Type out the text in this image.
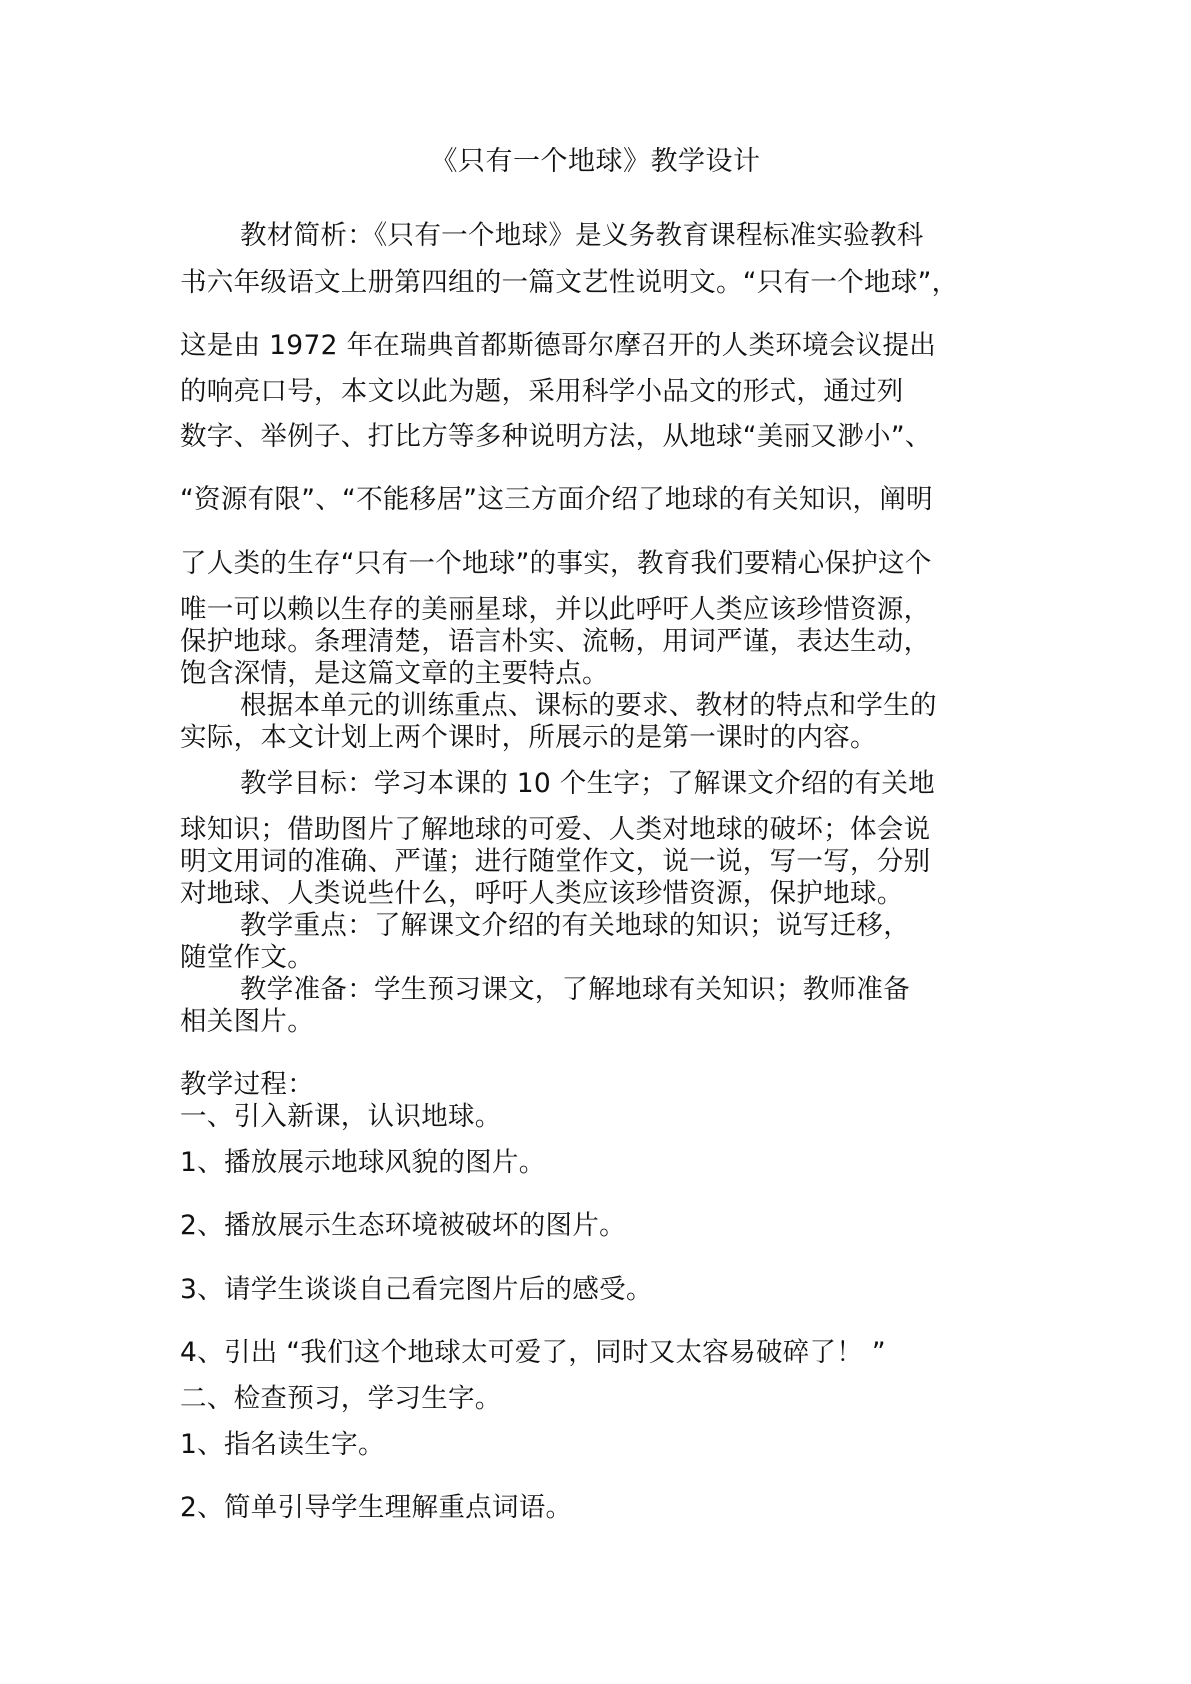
《只有一个地球》教学设计
教材简析：《只有一个地球》是义务教育课程标准实验教科
书六年级语文上册第四组的一篇文艺性说明文。“只有一个地球”，
这是由 1972 年在瑞典首都斯德哥尔摩召开的人类环境会议提出
的响亮口号，本文以此为题，采用科学小品文的形式，通过列
数字、举例子、打比方等多种说明方法，从地球“美丽又渺小”、
“资源有限”、“不能移居”这三方面介绍了地球的有关知识，阐明
了人类的生存“只有一个地球”的事实，教育我们要精心保护这个
唯一可以赖以生存的美丽星球，并以此呼吁人类应该珍惜资源，
保护地球。条理清楚，语言朴实、流畅，用词严谨，表达生动，
饱含深情，是这篇文章的主要特点。
根据本单元的训练重点、课标的要求、教材的特点和学生的
实际，本文计划上两个课时，所展示的是第一课时的内容。
教学目标：学习本课的 10 个生字；了解课文介绍的有关地
球知识；借助图片了解地球的可爱、人类对地球的破坏；体会说
明文用词的准确、严谨；进行随堂作文，说一说，写一写，分别
对地球、人类说些什么，呼吁人类应该珍惜资源，保护地球。
教学重点：了解课文介绍的有关地球的知识；说写迁移，
随堂作文。
教学准备：学生预习课文，了解地球有关知识；教师准备
相关图片。
教学过程：
一、引入新课，认识地球。
1、播放展示地球风貌的图片。
2、播放展示生态环境被破坏的图片。
3、请学生谈谈自己看完图片后的感受。
4、引出 “我们这个地球太可爱了，同时又太容易破碎了！ ”
二、检查预习，学习生字。
1、指名读生字。
2、简单引导学生理解重点词语。
